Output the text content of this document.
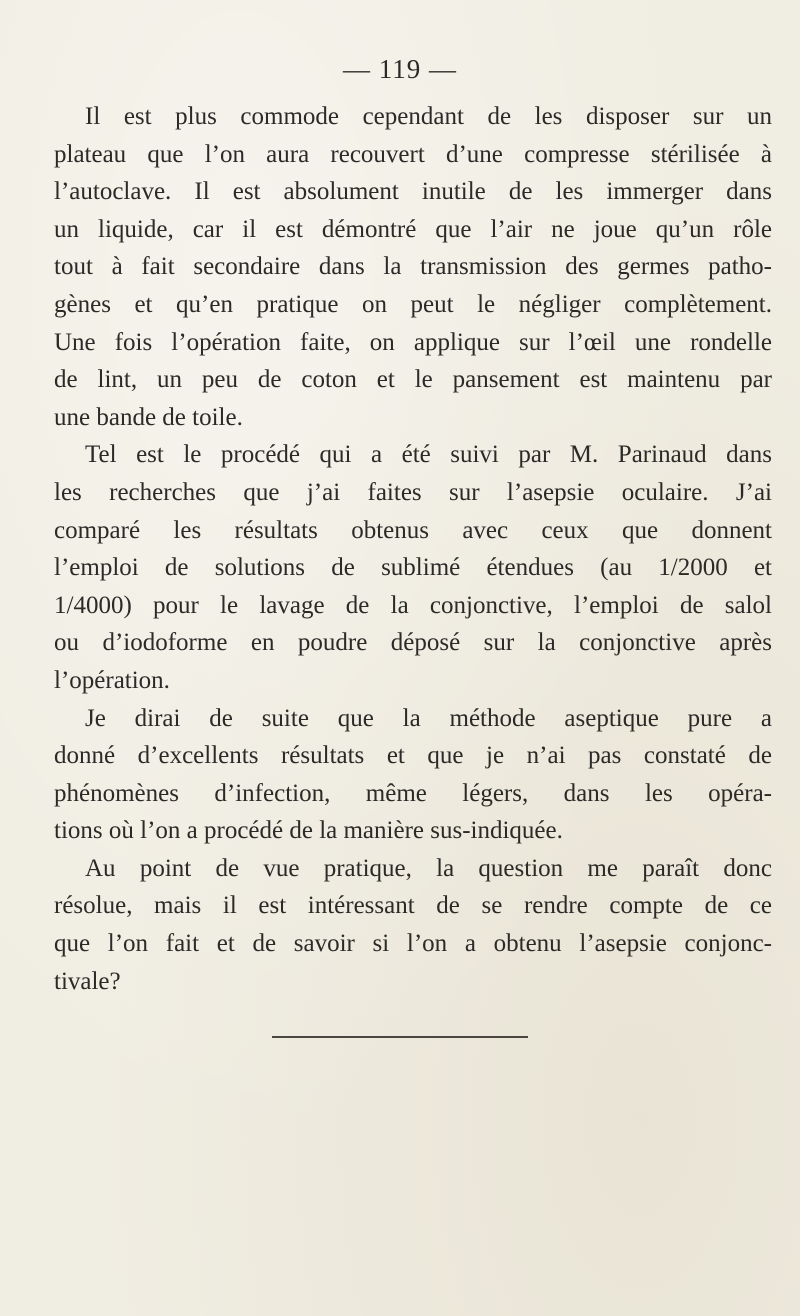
— 119 —
Il est plus commode cependant de les disposer sur un
plateau que l’on aura recouvert d’une compresse stérilisée à
l’autoclave. Il est absolument inutile de les immerger dans
un liquide, car il est démontré que l’air ne joue qu’un rôle
tout à fait secondaire dans la transmission des germes patho-
gènes et qu’en pratique on peut le négliger complètement.
Une fois l’opération faite, on applique sur l’œil une rondelle
de lint, un peu de coton et le pansement est maintenu par
une bande de toile.
Tel est le procédé qui a été suivi par M. Parinaud dans
les recherches que j’ai faites sur l’asepsie oculaire. J’ai
comparé les résultats obtenus avec ceux que donnent
l’emploi de solutions de sublimé étendues (au 1/2000 et
1/4000) pour le lavage de la conjonctive, l’emploi de salol
ou d’iodoforme en poudre déposé sur la conjonctive après
l’opération.
Je dirai de suite que la méthode aseptique pure a
donné d’excellents résultats et que je n’ai pas constaté de
phénomènes d’infection, même légers, dans les opéra-
tions où l’on a procédé de la manière sus-indiquée.
Au point de vue pratique, la question me paraît donc
résolue, mais il est intéressant de se rendre compte de ce
que l’on fait et de savoir si l’on a obtenu l’asepsie conjonc-
tivale?
